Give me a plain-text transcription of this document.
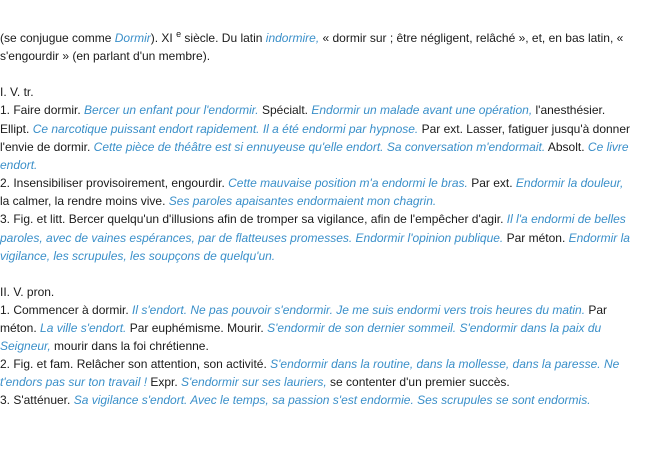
(se conjugue comme Dormir). XI $^e$ siècle. Du latin indormire, « dormir sur ; être négligent, relâché », et, en bas latin, «
s'engourdir » (en parlant d'un membre).
I. V. tr.
1. Faire dormir. Bercer un enfant pour l'endormir. Spécialt. Endormir un malade avant une opération, l'anesthésier.
Ellipt. Ce narcotique puissant endort rapidement. Il a été endormi par hypnose. Par ext. Lasser, fatiguer jusqu'à donner
l'envie de dormir. Cette pièce de théâtre est si ennuyeuse qu'elle endort. Sa conversation m'endormait. Absolt. Ce livre
endort.
2. Insensibiliser provisoirement, engourdir. Cette mauvaise position m'a endormi le bras. Par ext. Endormir la douleur,
la calmer, la rendre moins vive. Ses paroles apaisantes endormaient mon chagrin.
3. Fig. et litt. Bercer quelqu'un d'illusions afin de tromper sa vigilance, afin de l'empêcher d'agir. Il l'a endormi de belles
paroles, avec de vaines espérances, par de flatteuses promesses. Endormir l'opinion publique. Par méton. Endormir la
vigilance, les scrupules, les soupçons de quelqu'un.
II. V. pron.
1. Commencer à dormir. Il s'endort. Ne pas pouvoir s'endormir. Je me suis endormi vers trois heures du matin. Par
méton. La ville s'endort. Par euphémisme. Mourir. S'endormir de son dernier sommeil. S'endormir dans la paix du
Seigneur, mourir dans la foi chrétienne.
2. Fig. et fam. Relâcher son attention, son activité. S'endormir dans la routine, dans la mollesse, dans la paresse. Ne
t'endors pas sur ton travail ! Expr. S'endormir sur ses lauriers, se contenter d'un premier succès.
3. S'atténuer. Sa vigilance s'endort. Avec le temps, sa passion s'est endormie. Ses scrupules se sont endormis.
